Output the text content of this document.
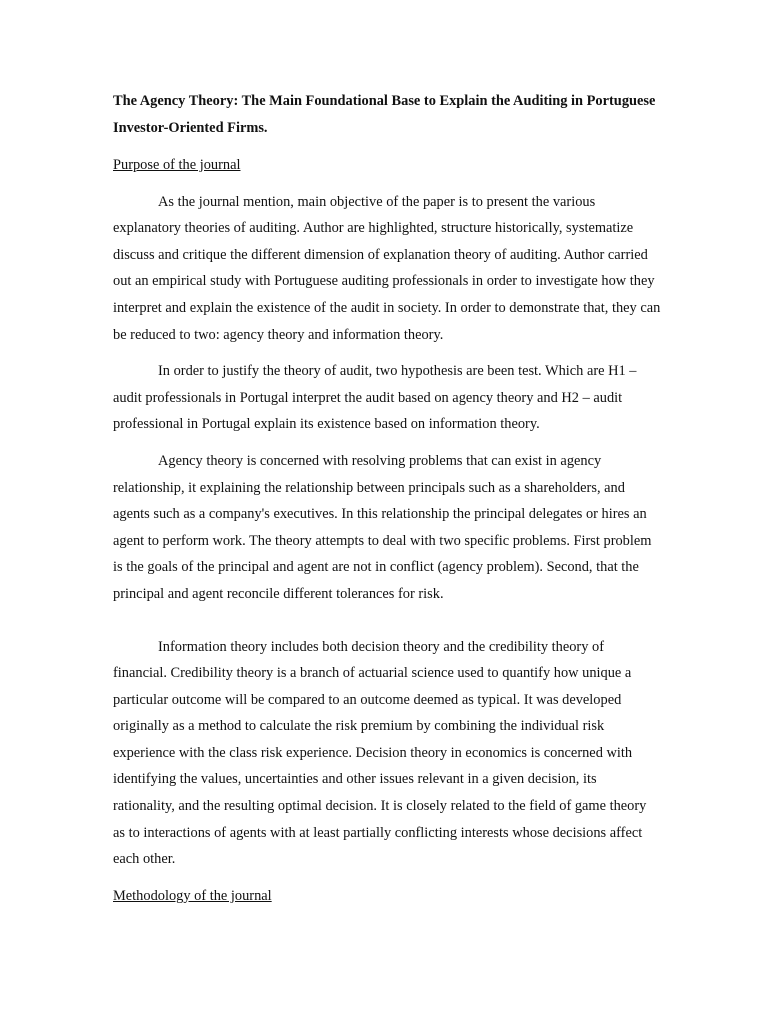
The Agency Theory: The Main Foundational Base to Explain the Auditing in Portuguese Investor-Oriented Firms.

Purpose of the journal

As the journal mention, main objective of the paper is to present the various explanatory theories of auditing. Author are highlighted, structure historically, systematize discuss and critique the different dimension of explanation theory of auditing. Author carried out an empirical study with Portuguese auditing professionals in order to investigate how they interpret and explain the existence of the audit in society. In order to demonstrate that, they can be reduced to two: agency theory and information theory.

In order to justify the theory of audit, two hypothesis are been test. Which are H1 – audit professionals in Portugal interpret the audit based on agency theory and H2 – audit professional in Portugal explain its existence based on information theory.

Agency theory is concerned with resolving problems that can exist in agency relationship, it explaining the relationship between principals such as a shareholders, and agents such as a company's executives. In this relationship the principal delegates or hires an agent to perform work. The theory attempts to deal with two specific problems. First problem is the goals of the principal and agent are not in conflict (agency problem). Second, that the principal and agent reconcile different tolerances for risk.

Information theory includes both decision theory and the credibility theory of financial. Credibility theory is a branch of actuarial science used to quantify how unique a particular outcome will be compared to an outcome deemed as typical. It was developed originally as a method to calculate the risk premium by combining the individual risk experience with the class risk experience. Decision theory in economics is concerned with identifying the values, uncertainties and other issues relevant in a given decision, its rationality, and the resulting optimal decision. It is closely related to the field of game theory as to interactions of agents with at least partially conflicting interests whose decisions affect each other.

Methodology of the journal
